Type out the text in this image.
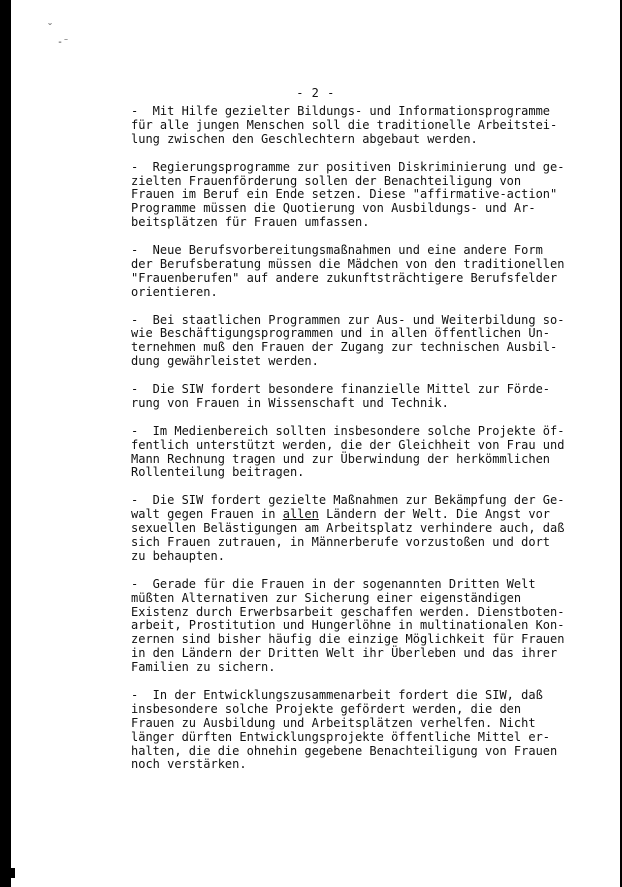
˘
-⁻
- 2 -

-  Mit Hilfe gezielter Bildungs- und Informationsprogramme
für alle jungen Menschen soll die traditionelle Arbeitstei-
lung zwischen den Geschlechtern abgebaut werden.

-  Regierungsprogramme zur positiven Diskriminierung und ge-
zielten Frauenförderung sollen der Benachteiligung von
Frauen im Beruf ein Ende setzen. Diese "affirmative-action"
Programme müssen die Quotierung von Ausbildungs- und Ar-
beitsplätzen für Frauen umfassen.

-  Neue Berufsvorbereitungsmaßnahmen und eine andere Form
der Berufsberatung müssen die Mädchen von den traditionellen
"Frauenberufen" auf andere zukunftsträchtigere Berufsfelder
orientieren.

-  Bei staatlichen Programmen zur Aus- und Weiterbildung so-
wie Beschäftigungsprogrammen und in allen öffentlichen Un-
ternehmen muß den Frauen der Zugang zur technischen Ausbil-
dung gewährleistet werden.

-  Die SIW fordert besondere finanzielle Mittel zur Förde-
rung von Frauen in Wissenschaft und Technik.

-  Im Medienbereich sollten insbesondere solche Projekte öf-
fentlich unterstützt werden, die der Gleichheit von Frau und
Mann Rechnung tragen und zur Überwindung der herkömmlichen
Rollenteilung beitragen.

-  Die SIW fordert gezielte Maßnahmen zur Bekämpfung der Ge-
walt gegen Frauen in allen Ländern der Welt. Die Angst vor
sexuellen Belästigungen am Arbeitsplatz verhindere auch, daß
sich Frauen zutrauen, in Männerberufe vorzustoßen und dort
zu behaupten.

-  Gerade für die Frauen in der sogenannten Dritten Welt
müßten Alternativen zur Sicherung einer eigenständigen
Existenz durch Erwerbsarbeit geschaffen werden. Dienstboten-
arbeit, Prostitution und Hungerlöhne in multinationalen Kon-
zernen sind bisher häufig die einzige Möglichkeit für Frauen
in den Ländern der Dritten Welt ihr Überleben und das ihrer
Familien zu sichern.

-  In der Entwicklungszusammenarbeit fordert die SIW, daß
insbesondere solche Projekte gefördert werden, die den
Frauen zu Ausbildung und Arbeitsplätzen verhelfen. Nicht
länger dürften Entwicklungsprojekte öffentliche Mittel er-
halten, die die ohnehin gegebene Benachteiligung von Frauen
noch verstärken.
